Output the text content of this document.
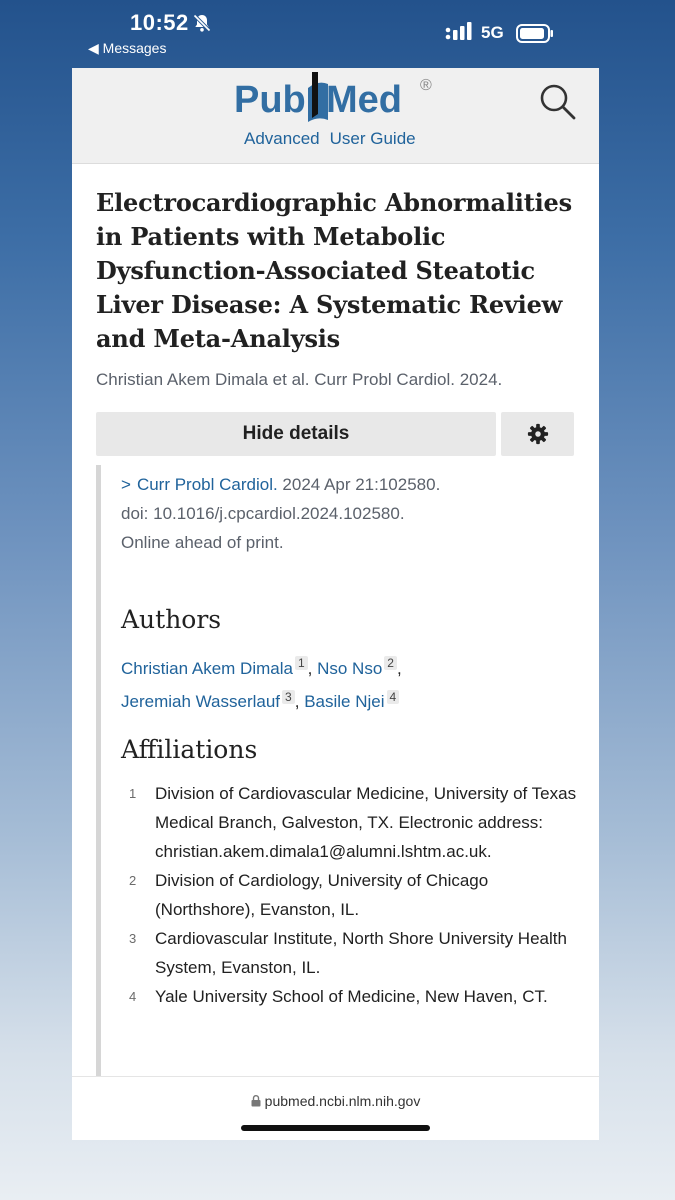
10:52
◀ Messages
5G
Pub Med ®
Advanced User Guide
Electrocardiographic Abnormalities in Patients with Metabolic Dysfunction-Associated Steatotic Liver Disease: A Systematic Review and Meta-Analysis
Christian Akem Dimala et al. Curr Probl Cardiol. 2024.
Hide details
> Curr Probl Cardiol. 2024 Apr 21:102580.
doi: 10.1016/j.cpcardiol.2024.102580.
Online ahead of print.
Authors
Christian Akem Dimala $^1$ , Nso Nso $^2$ ,
Jeremiah Wasserlauf $^3$ , Basile Njei $^4$
Affiliations
1 Division of Cardiovascular Medicine, University of Texas Medical Branch, Galveston, TX. Electronic address: christian.akem.dimala1@alumni.lshtm.ac.uk.
2 Division of Cardiology, University of Chicago (Northshore), Evanston, IL.
3 Cardiovascular Institute, North Shore University Health System, Evanston, IL.
4 Yale University School of Medicine, New Haven, CT.
pubmed.ncbi.nlm.nih.gov
